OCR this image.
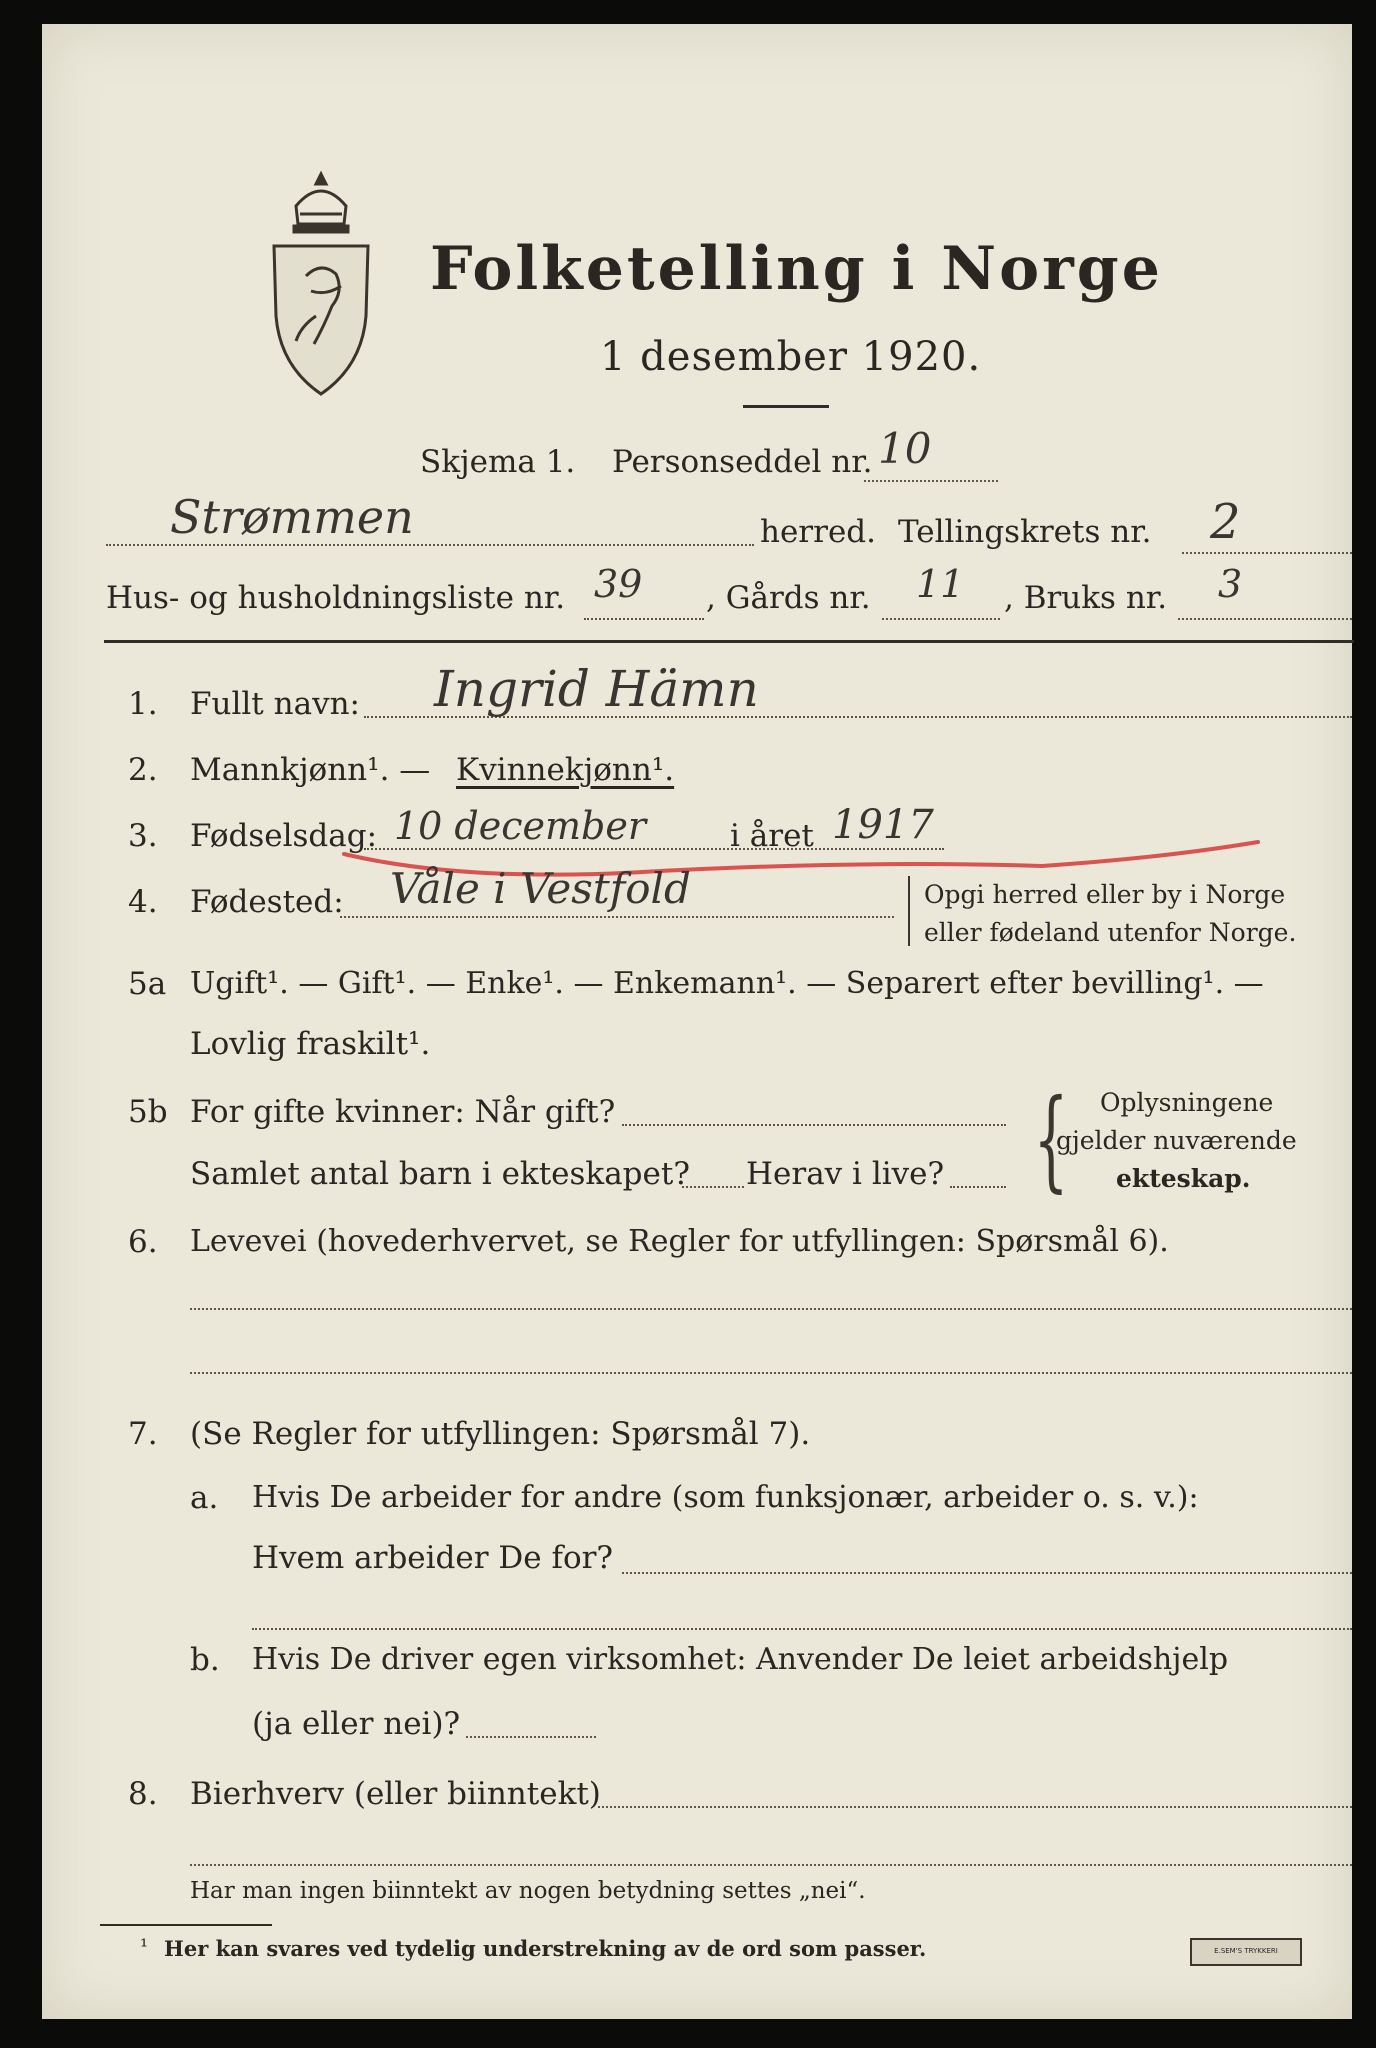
Folketelling i Norge
1 desember 1920.
Skjema 1. Personseddel nr. 10
Strømmen	herred. Tellingskrets nr. 2
Hus- og husholdningsliste nr. 39 , Gårds nr. 11 , Bruks nr. 3
1. Fullt navn: Ingrid Hämn
2. Mannkjønn¹. — Kvinnekjønn¹.
3. Fødselsdag: 10 december	i året 1917
4. Fødested: Våle i Vestfold	Opgi herred eller by i Norge
eller fødeland utenfor Norge.
5a Ugift¹. — Gift¹. — Enke¹. — Enkemann¹. — Separert efter bevilling¹. —
Lovlig fraskilt¹.
5b For gifte kvinner: Når gift?
Samlet antal barn i ekteskapet? Herav i live? { Oplysningene
gjelder nuværende
ekteskap.
6. Levevei (hovederhvervet, se Regler for utfyllingen: Spørsmål 6).
7. (Se Regler for utfyllingen: Spørsmål 7).
a. Hvis De arbeider for andre (som funksjonær, arbeider o. s. v.):
Hvem arbeider De for?
b. Hvis De driver egen virksomhet: Anvender De leiet arbeidshjelp
(ja eller nei)?
8. Bierhverv (eller biinntekt)
Har man ingen biinntekt av nogen betydning settes „nei“.
¹ Her kan svares ved tydelig understrekning av de ord som passer.	E.SEM'S TRYKKERI
